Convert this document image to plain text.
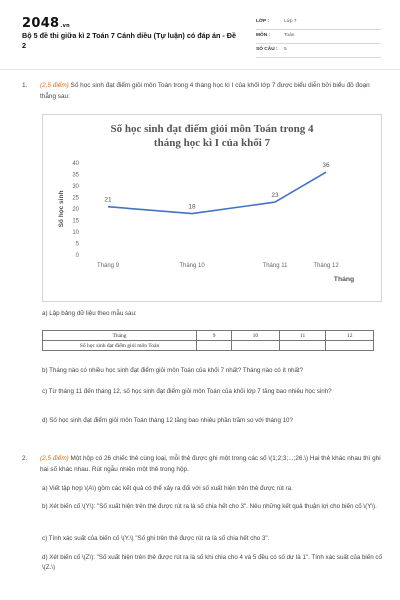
2048.vn
Bộ 5 đề thi giữa kì 2 Toán 7 Cánh diều (Tự luận) có đáp án - Đề 2
LỚP :	Lớp 7
MÔN :	Toán
SỐ CÂU : 5
1. (2,5 điểm) Số học sinh đạt điểm giỏi môn Toán trong 4 tháng học kì I của khối lớp 7 được biểu diễn bởi biểu đồ đoạn thẳng sau:
Số học sinh đạt điểm giỏi môn Toán trong 4
tháng học kì I của khối 7
0
5
10
15
20
25
30
35
40
Số học sinh
Tháng 9	Tháng 10	Tháng 11	Tháng 12
Tháng
21
18
23
36
a) Lập bảng dữ liệu theo mẫu sau:
Tháng	9	10	11	12
Số học sinh đạt điểm giỏi môn Toán				
b) Tháng nào có nhiều học sinh đạt điểm giỏi môn Toán của khối 7 nhất? Tháng nào có ít nhất?
c) Từ tháng 11 đến tháng 12, số học sinh đạt điểm giỏi môn Toán của khối lớp 7 tăng bao nhiêu học sinh?
d) Số học sinh đạt điểm giỏi môn Toán tháng 12 tăng bao nhiêu phần trăm so với tháng 10?
2. (2,5 điểm) Một hộp có 26 chiếc thẻ cùng loại, mỗi thẻ được ghi một trong các số \(1;2;3;...;26.\) Hai thẻ khác nhau thì ghi hai số khác nhau. Rút ngẫu nhiên một thẻ trong hộp.
a) Viết tập hợp \(A\) gồm các kết quả có thể xảy ra đối với số xuất hiện trên thẻ được rút ra.
b) Xét biến cố \(Y\): "Số xuất hiện trên thẻ được rút ra là số chia hết cho 3". Nêu những kết quả thuận lợi cho biến cố \(Y\).
c) Tính xác suất của biến cố \(Y.\) "Số ghi trên thẻ được rút ra là số chia hết cho 3".
d) Xét biến cố \(Z\): "Số xuất hiện trên thẻ được rút ra là số khi chia cho 4 và 5 đều có số dư là 1". Tính xác suất của biến cố \(Z.\)
